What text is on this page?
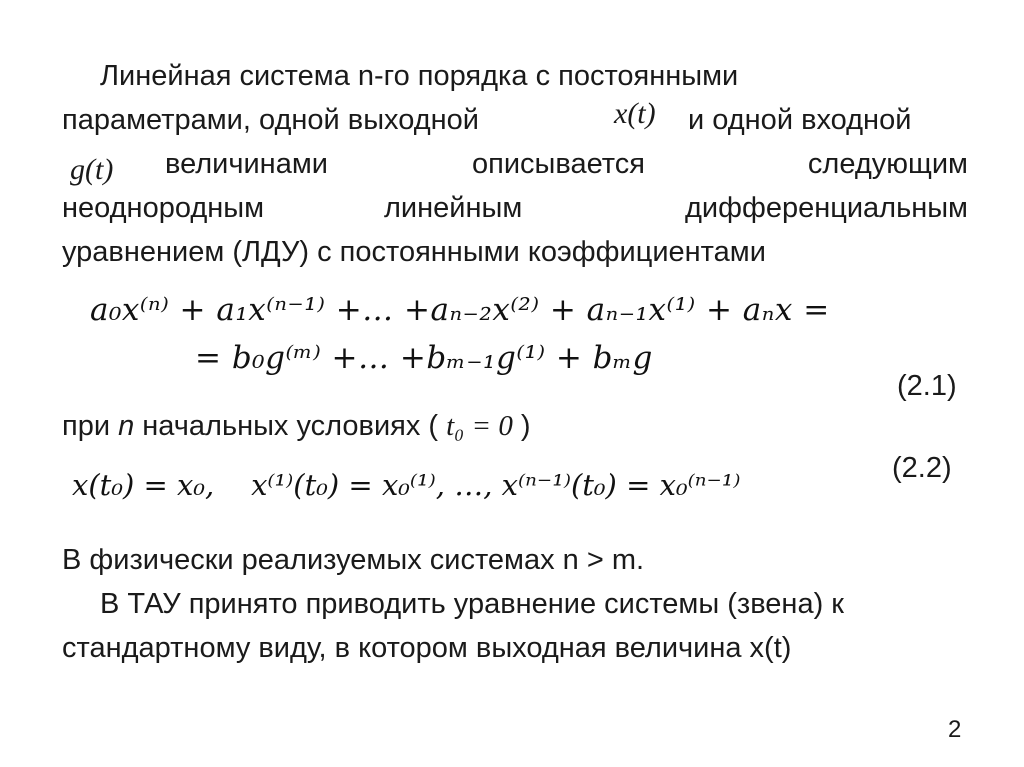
Линейная система n-го порядка с постоянными
параметрами, одной выходной	x(t) и одной входной
g(t) величинами	описывается	следующим
неоднородным	линейным	дифференциальным
уравнением (ЛДУ) с постоянными коэффициентами
a₀x⁽ⁿ⁾ + a₁x⁽ⁿ⁻¹⁾ +… +aₙ₋₂x⁽²⁾ + aₙ₋₁x⁽¹⁾ + aₙx =
= b₀g⁽ᵐ⁾ +… +bₘ₋₁g⁽¹⁾ + bₘg
(2.1)
при n начальных условиях ( t₀ = 0 )
x(t₀) = x₀,    x⁽¹⁾(t₀) = x₀⁽¹⁾, …, x⁽ⁿ⁻¹⁾(t₀) = x₀⁽ⁿ⁻¹⁾	(2.2)
В физически реализуемых системах n > m.
В ТАУ принято приводить уравнение системы (звена) к
стандартному виду, в котором выходная величина x(t)
2
